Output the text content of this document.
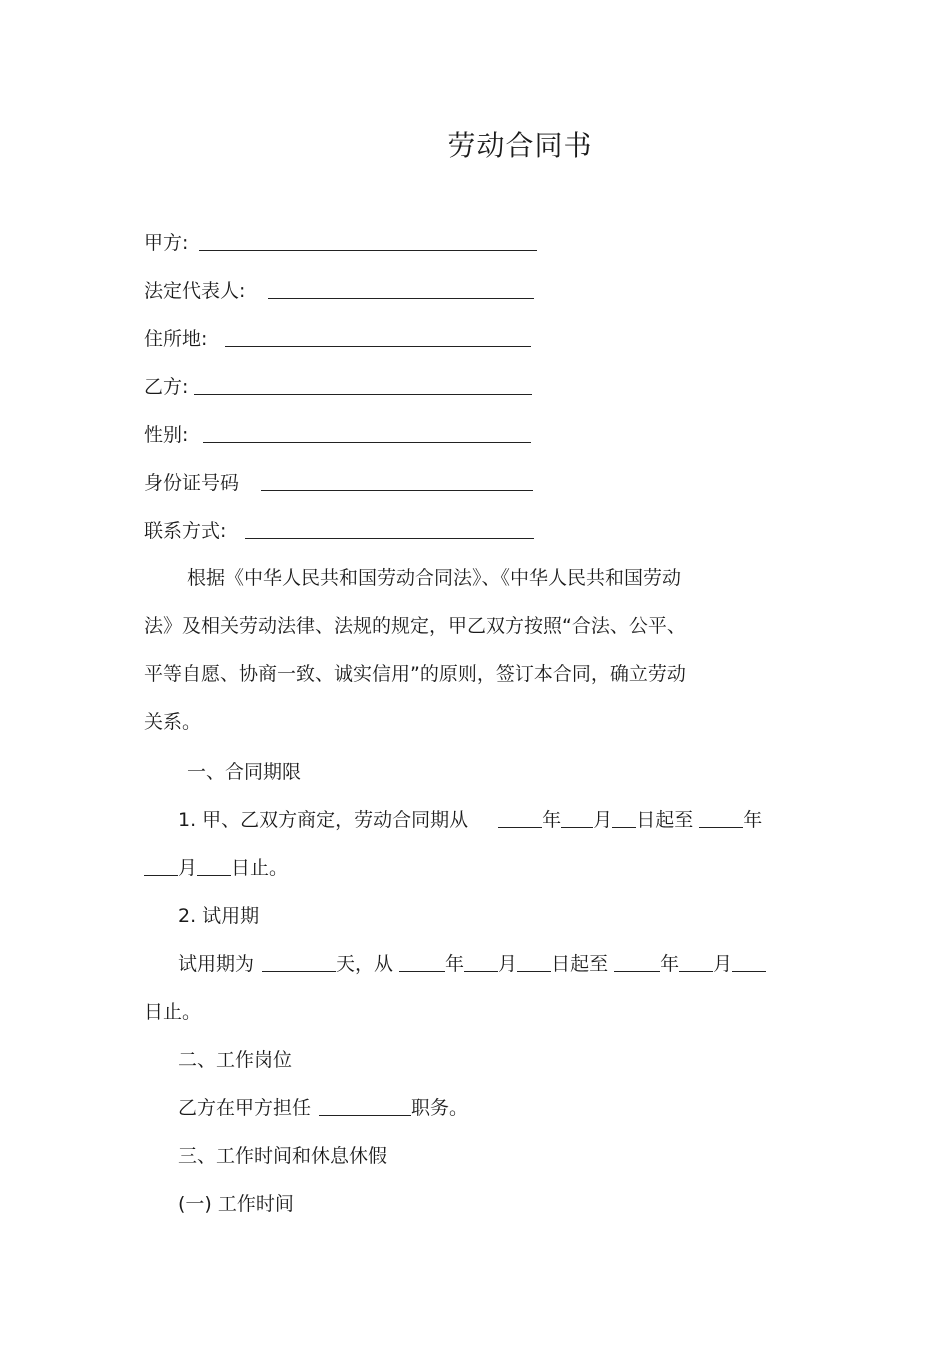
劳动合同书
甲方:
法定代表人:
住所地:
乙方:
性别:
身份证号码
联系方式:
根据《中华人民共和国劳动合同法》、《中华人民共和国劳动
法》及相关劳动法律、法规的规定，甲乙双方按照“合法、公平、
平等自愿、协商一致、诚实信用”的原则，签订本合同，确立劳动
关系。
一、合同期限
1. 甲、乙双方商定，劳动合同期从	年 月 日起至	年
月 日止。
2. 试用期
试用期为	天，从	年 月 日起至	年 月
日止。
二、工作岗位
乙方在甲方担任	职务。
三、工作时间和休息休假
(一) 工作时间
